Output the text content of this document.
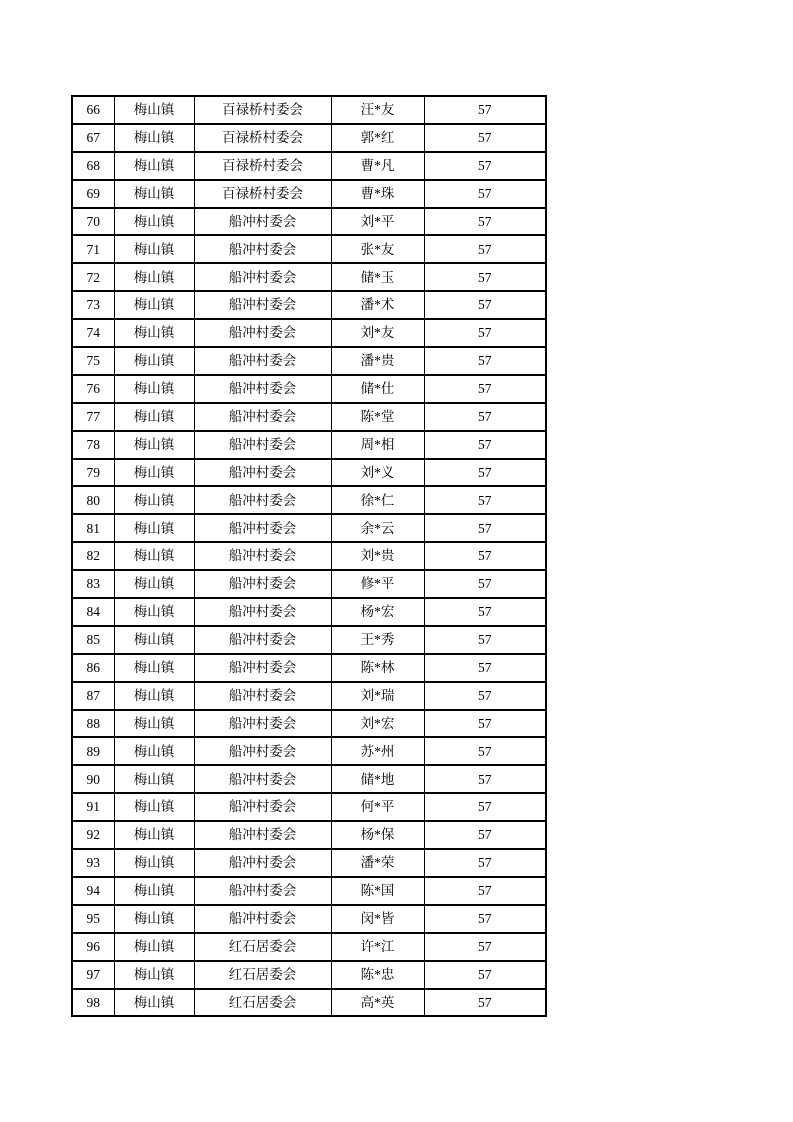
66	梅山镇	百禄桥村委会	汪*友	57
67	梅山镇	百禄桥村委会	郭*红	57
68	梅山镇	百禄桥村委会	曹*凡	57
69	梅山镇	百禄桥村委会	曹*珠	57
70	梅山镇	船冲村委会	刘*平	57
71	梅山镇	船冲村委会	张*友	57
72	梅山镇	船冲村委会	储*玉	57
73	梅山镇	船冲村委会	潘*术	57
74	梅山镇	船冲村委会	刘*友	57
75	梅山镇	船冲村委会	潘*贵	57
76	梅山镇	船冲村委会	储*仕	57
77	梅山镇	船冲村委会	陈*堂	57
78	梅山镇	船冲村委会	周*相	57
79	梅山镇	船冲村委会	刘*义	57
80	梅山镇	船冲村委会	徐*仁	57
81	梅山镇	船冲村委会	余*云	57
82	梅山镇	船冲村委会	刘*贵	57
83	梅山镇	船冲村委会	修*平	57
84	梅山镇	船冲村委会	杨*宏	57
85	梅山镇	船冲村委会	王*秀	57
86	梅山镇	船冲村委会	陈*林	57
87	梅山镇	船冲村委会	刘*瑞	57
88	梅山镇	船冲村委会	刘*宏	57
89	梅山镇	船冲村委会	苏*州	57
90	梅山镇	船冲村委会	储*地	57
91	梅山镇	船冲村委会	何*平	57
92	梅山镇	船冲村委会	杨*保	57
93	梅山镇	船冲村委会	潘*荣	57
94	梅山镇	船冲村委会	陈*国	57
95	梅山镇	船冲村委会	闵*皆	57
96	梅山镇	红石居委会	许*江	57
97	梅山镇	红石居委会	陈*忠	57
98	梅山镇	红石居委会	高*英	57
